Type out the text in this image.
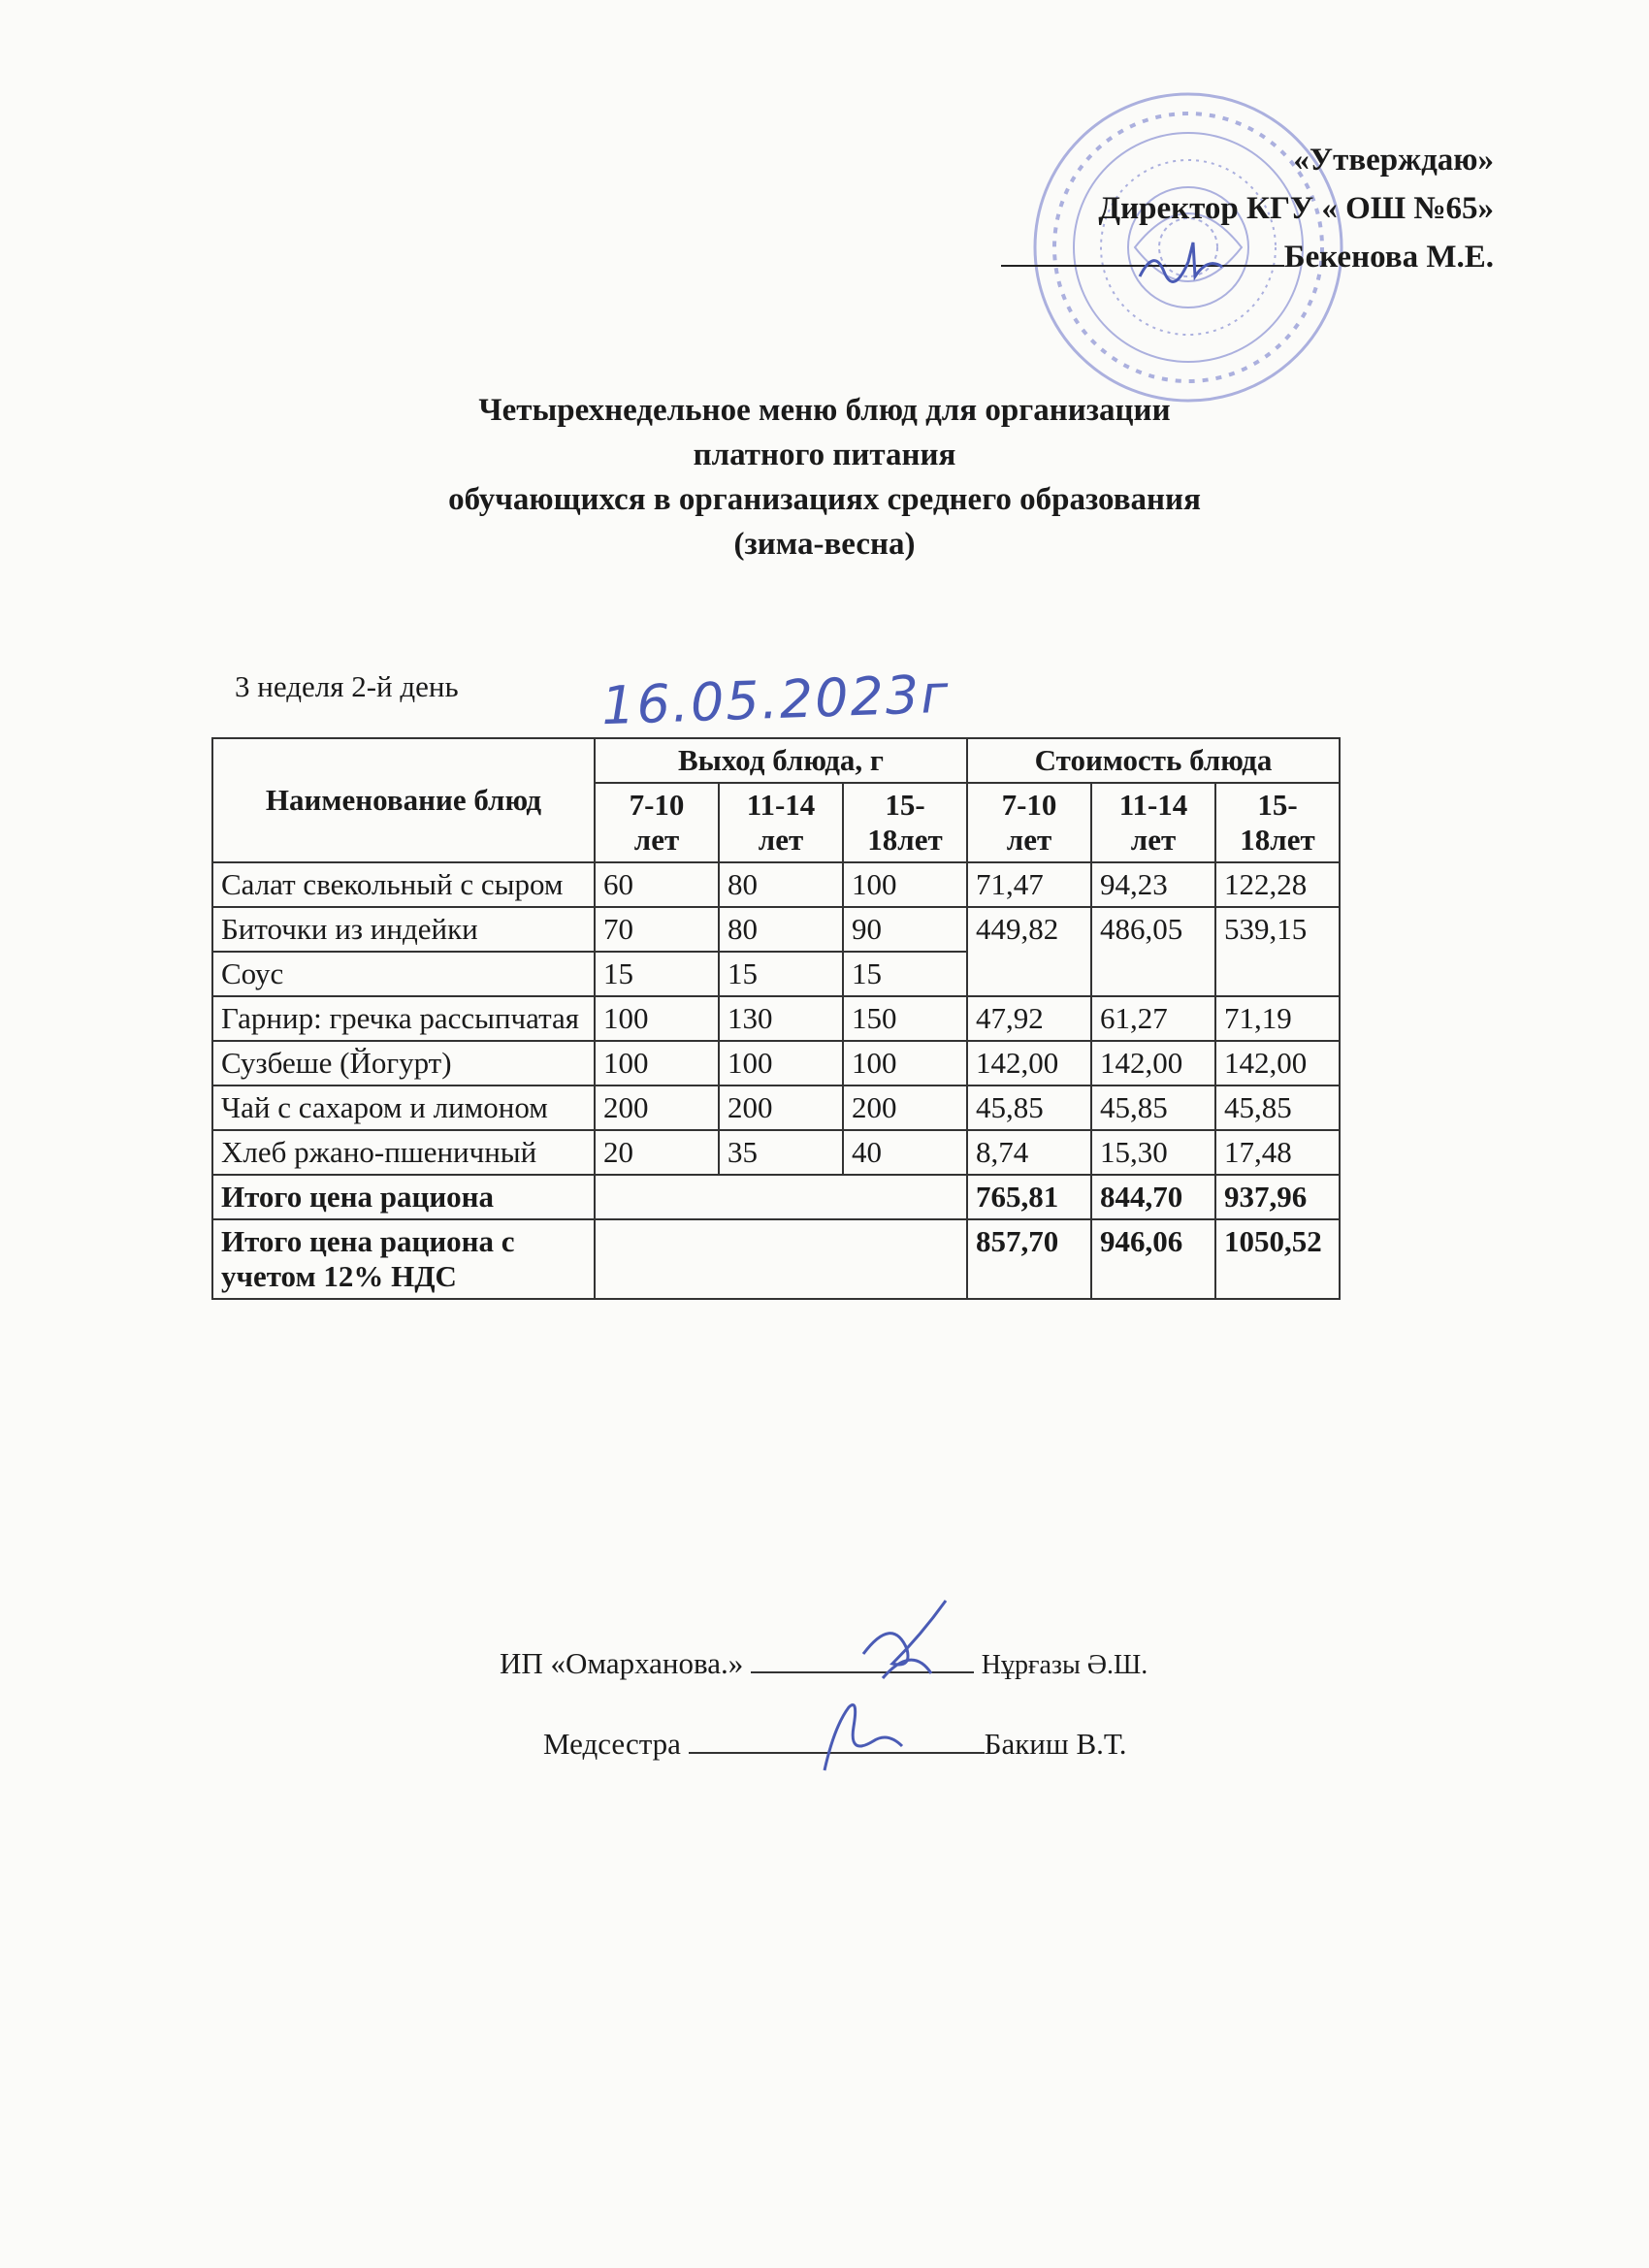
«Утверждаю»
Директор КГУ « ОШ №65»
Бекенова М.Е.
Четырехнедельное меню блюд для организации
платного питания
обучающихся в организациях среднего образования
(зима-весна)
3 неделя 2-й день	16.05.2023г
Наименование блюд	Выход блюда, г			Стоимость блюда		
	7-10 лет	11-14 лет	15-18лет	7-10 лет	11-14 лет	15-18лет
Салат свекольный с сыром	60	80	100	71,47	94,23	122,28
Биточки из индейки	70	80	90	449,82	486,05	539,15
Соус	15	15	15			
Гарнир: гречка рассыпчатая	100	130	150	47,92	61,27	71,19
Сузбеше (Йогурт)	100	100	100	142,00	142,00	142,00
Чай с сахаром и лимоном	200	200	200	45,85	45,85	45,85
Хлеб ржано-пшеничный	20	35	40	8,74	15,30	17,48
Итого цена рациона				765,81	844,70	937,96
Итого цена рациона с учетом 12% НДС				857,70	946,06	1050,52
ИП «Омарханова.»	Нұрғазы Ә.Ш.
Медсестра	Бакиш В.Т.
